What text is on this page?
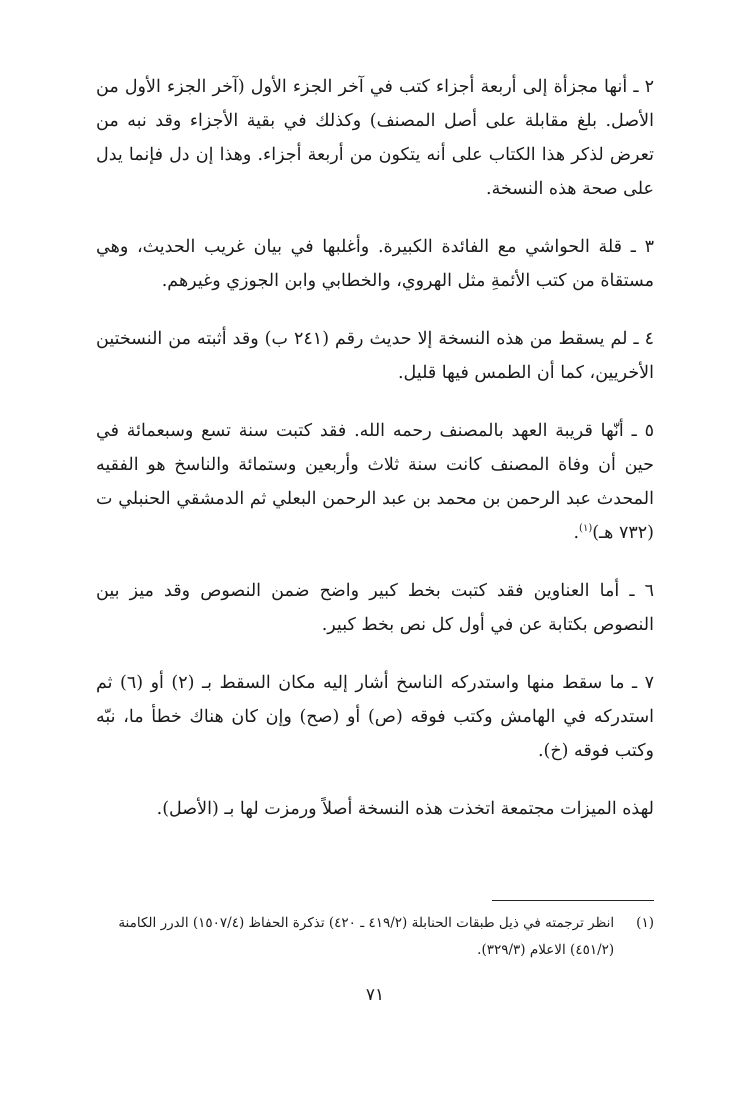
٢ ـ أنها مجزأة إلى أربعة أجزاء كتب في آخر الجزء الأول (آخر الجزء الأول من الأصل. بلغ مقابلة على أصل المصنف) وكذلك في بقية الأجزاء وقد نبه من تعرض لذكر هذا الكتاب على أنه يتكون من أربعة أجزاء. وهذا إن دل فإنما يدل على صحة هذه النسخة.

٣ ـ قلة الحواشي مع الفائدة الكبيرة. وأغلبها في بيان غريب الحديث، وهي مستقاة من كتب الأئمةِ مثل الهروي، والخطابي وابن الجوزي وغيرهم.

٤ ـ لم يسقط من هذه النسخة إلا حديث رقم (٢٤١ ب) وقد أثبته من النسختين الأخريين، كما أن الطمس فيها قليل.

٥ ـ أنّها قريبة العهد بالمصنف رحمه الله. فقد كتبت سنة تسع وسبعمائة في حين أن وفاة المصنف كانت سنة ثلاث وأربعين وستمائة والناسخ هو الفقيه المحدث عبد الرحمن بن محمد بن عبد الرحمن البعلي ثم الدمشقي الحنبلي ت (٧٣٢ هـ)$^{(١)}$.

٦ ـ أما العناوين فقد كتبت بخط كبير واضح ضمن النصوص وقد ميز بين النصوص بكتابة عن في أول كل نص بخط كبير.

٧ ـ ما سقط منها واستدركه الناسخ أشار إليه مكان السقط بـ (٢) أو (٦) ثم استدركه في الهامش وكتب فوقه (ص) أو (صح) وإن كان هناك خطأ ما، نبّه وكتب فوقه (خ).

لهذه الميزات مجتمعة اتخذت هذه النسخة أصلاً ورمزت لها بـ (الأصل).

(١)
انظر ترجمته في ذيل طبقات الحنابلة (٤١٩/٢ ـ ٤٢٠) تذكرة الحفاظ (١٥٠٧/٤) الدرر الكامنة (٤٥١/٢) الاعلام (٣٢٩/٣).
٧١
